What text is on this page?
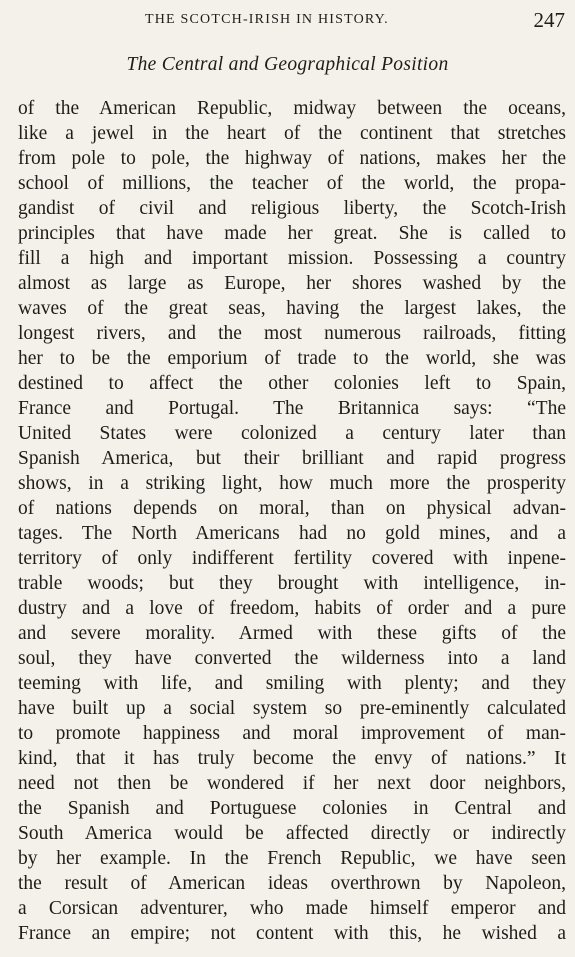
THE SCOTCH-IRISH IN HISTORY.	247
The Central and Geographical Position
of the American Republic, midway between the oceans,
like a jewel in the heart of the continent that stretches
from pole to pole, the highway of nations, makes her the
school of millions, the teacher of the world, the propa-
gandist of civil and religious liberty, the Scotch-Irish
principles that have made her great. She is called to
fill a high and important mission. Possessing a country
almost as large as Europe, her shores washed by the
waves of the great seas, having the largest lakes, the
longest rivers, and the most numerous railroads, fitting
her to be the emporium of trade to the world, she was
destined to affect the other colonies left to Spain,
France and Portugal. The Britannica says: “The
United States were colonized a century later than
Spanish America, but their brilliant and rapid progress
shows, in a striking light, how much more the prosperity
of nations depends on moral, than on physical advan-
tages. The North Americans had no gold mines, and a
territory of only indifferent fertility covered with inpene-
trable woods; but they brought with intelligence, in-
dustry and a love of freedom, habits of order and a pure
and severe morality. Armed with these gifts of the
soul, they have converted the wilderness into a land
teeming with life, and smiling with plenty; and they
have built up a social system so pre-eminently calculated
to promote happiness and moral improvement of man-
kind, that it has truly become the envy of nations.” It
need not then be wondered if her next door neighbors,
the Spanish and Portuguese colonies in Central and
South America would be affected directly or indirectly
by her example. In the French Republic, we have seen
the result of American ideas overthrown by Napoleon,
a Corsican adventurer, who made himself emperor and
France an empire; not content with this, he wished a
